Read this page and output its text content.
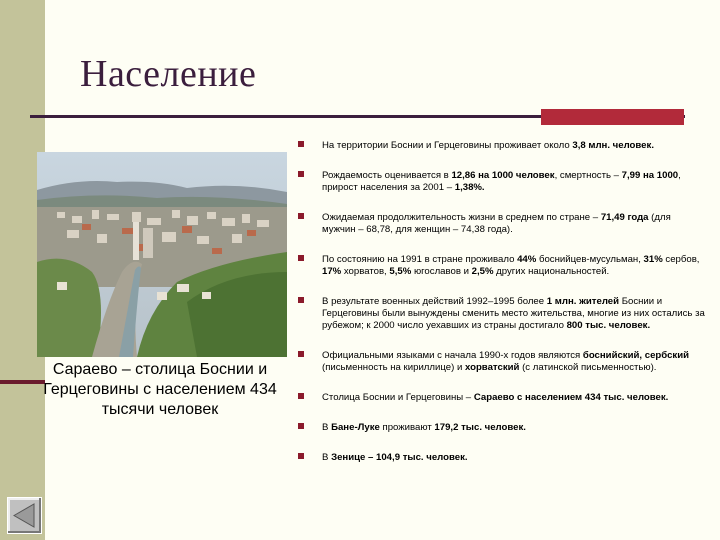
Население
Сараево – столица Боснии и Герцеговины с населением 434 тысячи человек
На территории Боснии и Герцеговины проживает около 3,8 млн. человек.
Рождаемость оценивается в 12,86 на 1000 человек, смертность – 7,99 на 1000, прирост населения за 2001 – 1,38%.
Ожидаемая продолжительность жизни в среднем по стране – 71,49 года (для мужчин – 68,78, для женщин – 74,38 года).
По состоянию на 1991 в стране проживало 44% боснийцев-мусульман, 31% сербов, 17% хорватов, 5,5% югославов и 2,5% других национальностей.
В результате военных действий 1992–1995 более 1 млн. жителей Боснии и Герцеговины были вынуждены сменить место жительства, многие из них остались за рубежом; к 2000 число уехавших из страны достигало 800 тыс. человек.
Официальными языками с начала 1990-х годов являются боснийский, сербский (письменность на кириллице) и хорватский (с латинской письменностью).
Столица Боснии и Герцеговины – Сараево с населением 434 тыс. человек.
В Бане-Луке проживают 179,2 тыс. человек.
В Зенице – 104,9 тыс. человек.
